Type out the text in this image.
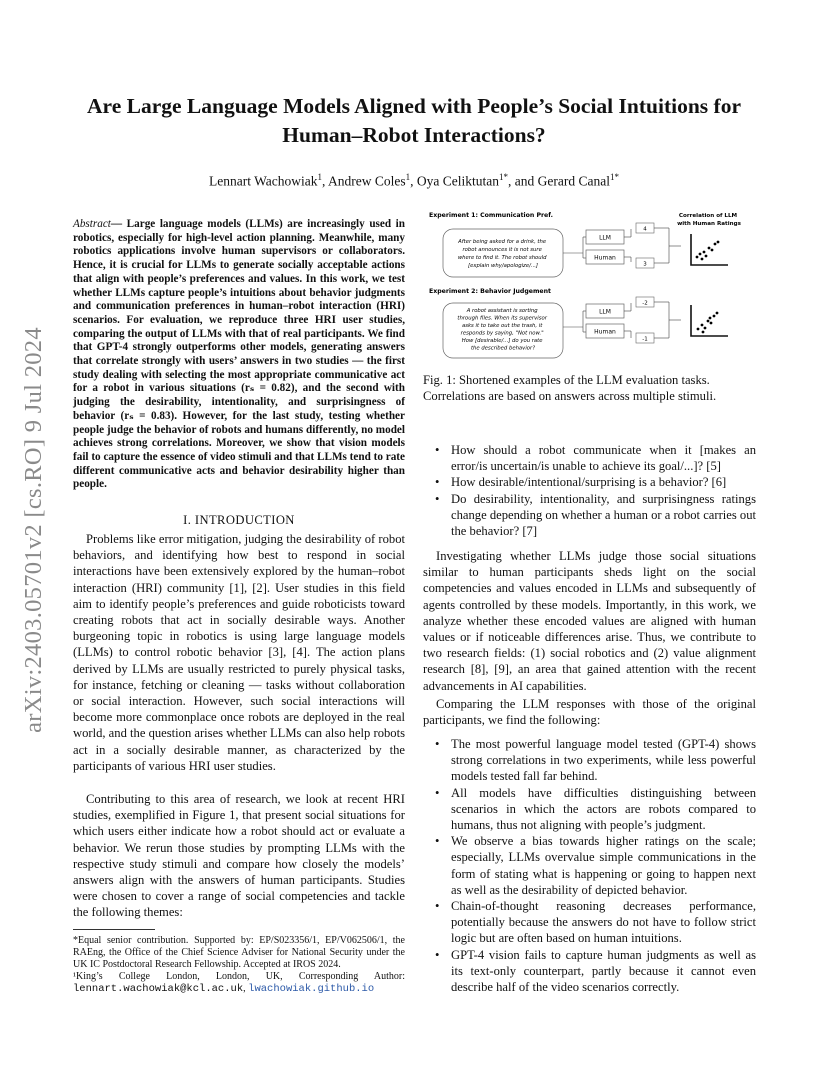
arXiv:2403.05701v2 [cs.RO] 9 Jul 2024
Are Large Language Models Aligned with People’s Social Intuitions for
Human–Robot Interactions?
Lennart Wachowiak$^1$, Andrew Coles$^1$, Oya Celiktutan$^{1*}$, and Gerard Canal$^{1*}$

Abstract— Large language models (LLMs) are increasingly used in robotics, especially for high-level action planning. Meanwhile, many robotics applications involve human supervisors or collaborators. Hence, it is crucial for LLMs to generate socially acceptable actions that align with people’s preferences and values. In this work, we test whether LLMs capture people’s intuitions about behavior judgments and communication preferences in human–robot interaction (HRI) scenarios. For evaluation, we reproduce three HRI user studies, comparing the output of LLMs with that of real participants. We find that GPT-4 strongly outperforms other models, generating answers that correlate strongly with users’ answers in two studies — the first study dealing with selecting the most appropriate communicative act for a robot in various situations (rₛ = 0.82), and the second with judging the desirability, intentionality, and surprisingness of behavior (rₛ = 0.83). However, for the last study, testing whether people judge the behavior of robots and humans differently, no model achieves strong correlations. Moreover, we show that vision models fail to capture the essence of video stimuli and that LLMs tend to rate different communicative acts and behavior desirability higher than people.

I. INTRODUCTION

Problems like error mitigation, judging the desirability of robot behaviors, and identifying how best to respond in social interactions have been extensively explored by the human–robot interaction (HRI) community [1], [2]. User studies in this field aim to identify people’s preferences and guide roboticists toward creating robots that act in socially desirable ways. Another burgeoning topic in robotics is using large language models (LLMs) to control robotic behavior [3], [4]. The action plans derived by LLMs are usually restricted to purely physical tasks, for instance, fetching or cleaning — tasks without collaboration or social interaction. However, such social interactions will become more commonplace once robots are deployed in the real world, and the question arises whether LLMs can also help robots act in a socially desirable manner, as characterized by the participants of various HRI user studies.

Contributing to this area of research, we look at recent HRI studies, exemplified in Figure 1, that present social situations for which users either indicate how a robot should act or evaluate a behavior. We rerun those studies by prompting LLMs with the respective study stimuli and compare how closely the models’ answers align with the answers of human participants. Studies were chosen to cover a range of social competencies and tackle the following themes:

*Equal senior contribution. Supported by: EP/S023356/1, EP/V062506/1, the RAEng, the Office of the Chief Science Adviser for National Security under the UK IC Postdoctoral Research Fellowship. Accepted at IROS 2024.

¹King’s College London, London, UK, Corresponding Author: lennart.wachowiak@kcl.ac.uk, lwachowiak.github.io

Experiment 1: Communication Pref.
After being asked for a drink, the robot announces it is not sure where to find it. The robot should [explain why/apologize/...]
LLM
Human
4
3
Correlation of LLM with Human Ratings
Experiment 2: Behavior Judgement
A robot assistant is sorting through files. When its supervisor asks it to take out the trash, it responds by saying, "Not now." How [desirable/...] do you rate the described behavior?
LLM
Human
-2
-1

Fig. 1: Shortened examples of the LLM evaluation tasks. Correlations are based on answers across multiple stimuli.

• How should a robot communicate when it [makes an error/is uncertain/is unable to achieve its goal/...]? [5]
• How desirable/intentional/surprising is a behavior? [6]
• Do desirability, intentionality, and surprisingness ratings change depending on whether a human or a robot carries out the behavior? [7]

Investigating whether LLMs judge those social situations similar to human participants sheds light on the social competencies and values encoded in LLMs and subsequently of agents controlled by these models. Importantly, in this work, we analyze whether these encoded values are aligned with human values or if noticeable differences arise. Thus, we contribute to two research fields: (1) social robotics and (2) value alignment research [8], [9], an area that gained attention with the recent advancements in AI capabilities.

Comparing the LLM responses with those of the original participants, we find the following:

• The most powerful language model tested (GPT-4) shows strong correlations in two experiments, while less powerful models tested fall far behind.
• All models have difficulties distinguishing between scenarios in which the actors are robots compared to humans, thus not aligning with people’s judgment.
• We observe a bias towards higher ratings on the scale; especially, LLMs overvalue simple communications in the form of stating what is happening or going to happen next as well as the desirability of depicted behavior.
• Chain-of-thought reasoning decreases performance, potentially because the answers do not have to follow strict logic but are often based on human intuitions.
• GPT-4 vision fails to capture human judgments as well as its text-only counterpart, partly because it cannot even describe half of the video scenarios correctly.
